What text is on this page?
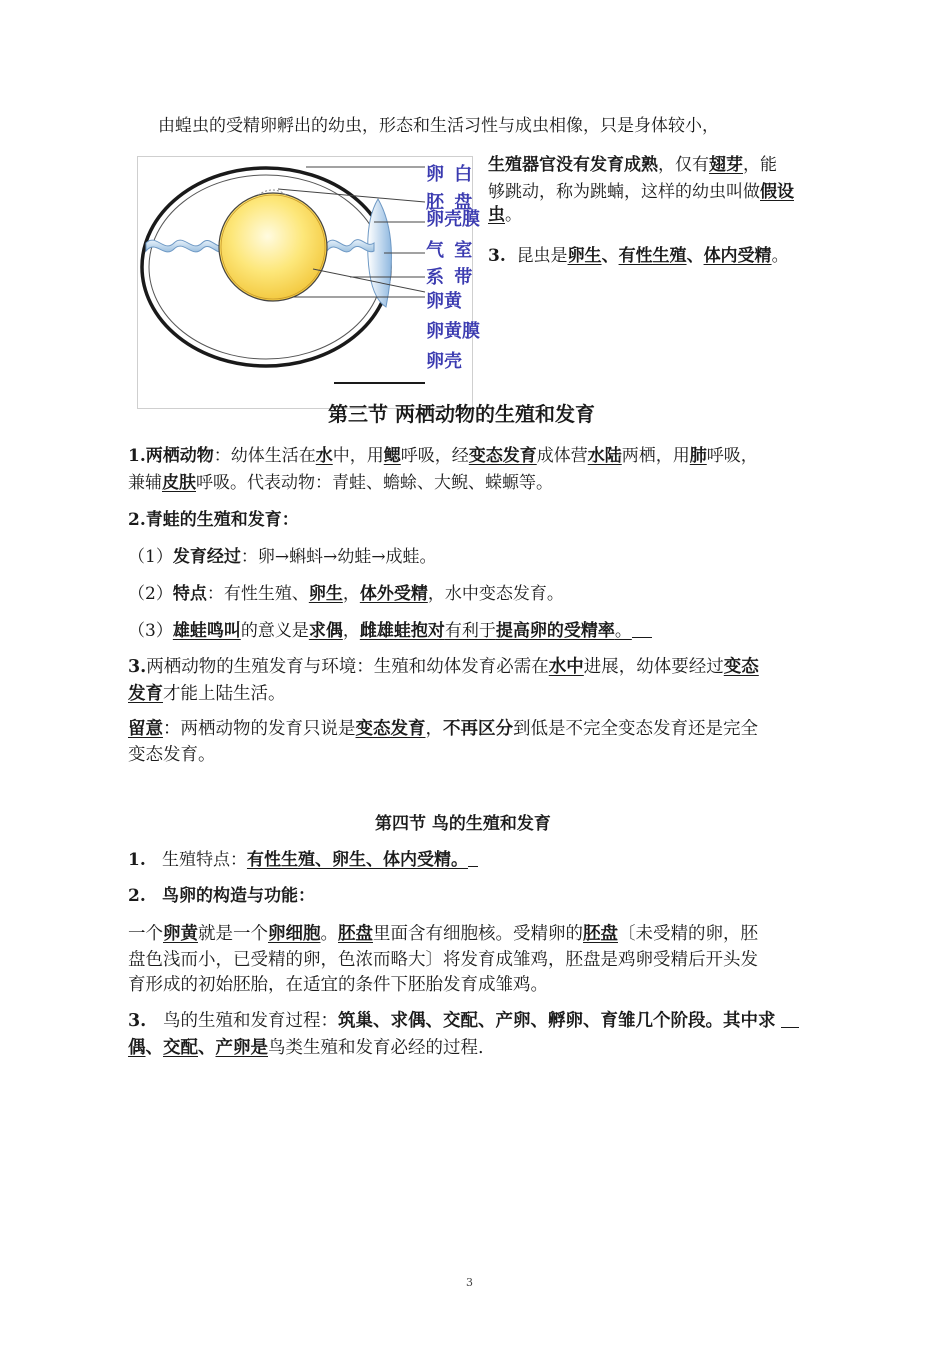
由蝗虫的受精卵孵出的幼虫，形态和生活习性与成虫相像，只是身体较小，
卵 白
胚 盘
卵壳膜
气 室
系 带
卵黄
卵黄膜
卵壳
生殖器官没有发育成熟，仅有翅芽，能
够跳动，称为跳蝻，这样的幼虫叫做假设
虫。
3. 昆虫是卵生、有性生殖、体内受精。
第三节 两栖动物的生殖和发育
1.两栖动物：幼体生活在水中，用鳃呼吸，经变态发育成体营水陆两栖，用肺呼吸，
兼辅皮肤呼吸。代表动物：青蛙、蟾蜍、大鲵、蝾螈等。
2.青蛙的生殖和发育：
（1）发育经过：卵→蝌蚪→幼蛙→成蛙。
（2）特点：有性生殖、卵生，体外受精，水中变态发育。
（3）雄蛙鸣叫的意义是求偶，雌雄蛙抱对有利于提高卵的受精率。
3.两栖动物的生殖发育与环境：生殖和幼体发育必需在水中进展，幼体要经过变态
发育才能上陆生活。
留意：两栖动物的发育只说是变态发育，不再区分到低是不完全变态发育还是完全
变态发育。
第四节 鸟的生殖和发育
1. 生殖特点：有性生殖、卵生、体内受精。
2. 鸟卵的构造与功能：
一个卵黄就是一个卵细胞。胚盘里面含有细胞核。受精卵的胚盘〔未受精的卵，胚
盘色浅而小，已受精的卵，色浓而略大〕将发育成雏鸡，胚盘是鸡卵受精后开头发
育形成的初始胚胎，在适宜的条件下胚胎发育成雏鸡。
3. 鸟的生殖和发育过程：筑巢、求偶、交配、产卵、孵卵、育雏几个阶段。其中求
偶、交配、产卵是鸟类生殖和发育必经的过程.
3
